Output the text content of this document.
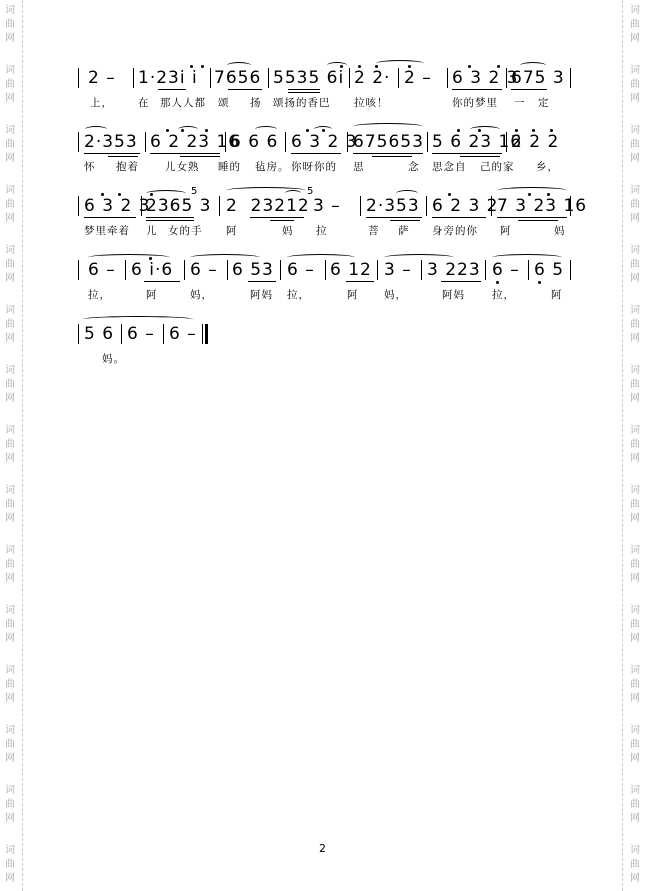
词
曲
网
词
曲
网
词
曲
网
词
曲
网
词
曲
网
词
曲
网
词
曲
网
词
曲
网
词
曲
网
词
曲
网
词
曲
网
词
曲
网
词
曲
网
词
曲
网
词
曲
网
词
曲
网
词
曲
网
词
曲
网
词
曲
网
词
曲
网
词
曲
网
词
曲
网
词
曲
网
词
曲
网
词
曲
网
词
曲
网
词
曲
网
词
曲
网
词
曲
网
词
曲
网
2 – 1·23i i 7656 5535 6i 2 2· 2 – 6 3 2 3
675 3
上， 在 那人人都 颂 扬 颂扬的香巴 拉咳！	你的梦里 一 定
2·353 6 2 23 16
6 6 6 6 3 2 3
675653 5 6 23 16
2 2 2
怀 抱着 儿女熟 睡的 毡房。 你呀你的 思	念 思念自 己的家 乡，
6 3 2 3
2365 3
5
2  23212
5
3 – 2·353 6 2 3 2
7 3 23 16
梦里牵着 儿 女的手 阿	妈 拉	菩 萨 身旁的你 阿	妈
6 – 6 i·6 6 – 6 53 6 – 6 12 3 – 3 223 6 – 6 5
拉，	阿	妈，	阿妈 拉，	阿 妈，	阿妈	拉，	阿
5 6 6 – 6 –
妈。
2
